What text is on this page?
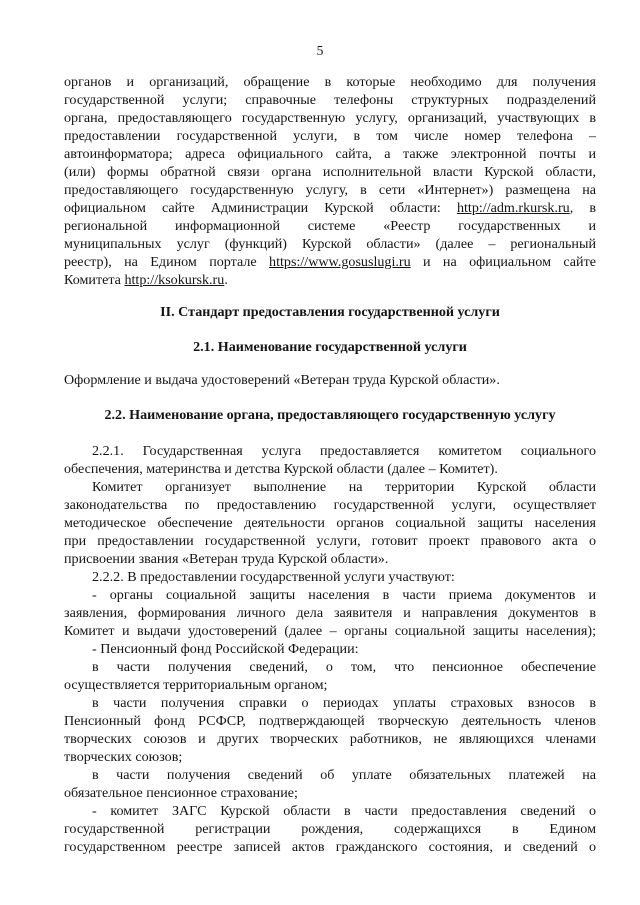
5
органов и организаций, обращение в которые необходимо для получения
государственной услуги; справочные телефоны структурных подразделений
органа, предоставляющего государственную услугу, организаций, участвующих в
предоставлении государственной услуги, в том числе номер телефона –
автоинформатора; адреса официального сайта, а также электронной почты и
(или) формы обратной связи органа исполнительной власти Курской области,
предоставляющего государственную услугу, в сети «Интернет») размещена на
официальном сайте Администрации Курской области: http://adm.rkursk.ru, в
региональной информационной системе «Реестр государственных и
муниципальных услуг (функций) Курской области» (далее – региональный
реестр), на Едином портале https://www.gosuslugi.ru и на официальном сайте
Комитета http://ksokursk.ru.
II. Стандарт предоставления государственной услуги
2.1. Наименование государственной услуги
Оформление и выдача удостоверений «Ветеран труда Курской области».
2.2. Наименование органа, предоставляющего государственную услугу
2.2.1. Государственная услуга предоставляется комитетом социального
обеспечения, материнства и детства Курской области (далее – Комитет).
Комитет организует выполнение на территории Курской области
законодательства по предоставлению государственной услуги, осуществляет
методическое обеспечение деятельности органов социальной защиты населения
при предоставлении государственной услуги, готовит проект правового акта о
присвоении звания «Ветеран труда Курской области».
2.2.2. В предоставлении государственной услуги участвуют:
- органы социальной защиты населения в части приема документов и
заявления, формирования личного дела заявителя и направления документов в
Комитет и выдачи удостоверений (далее – органы социальной защиты населения);
- Пенсионный фонд Российской Федерации:
в части получения сведений, о том, что пенсионное обеспечение
осуществляется территориальным органом;
в части получения справки о периодах уплаты страховых взносов в
Пенсионный фонд РСФСР, подтверждающей творческую деятельность членов
творческих союзов и других творческих работников, не являющихся членами
творческих союзов;
в части получения сведений об уплате обязательных платежей на
обязательное пенсионное страхование;
- комитет ЗАГС Курской области в части предоставления сведений о
государственной регистрации рождения, содержащихся в Едином
государственном реестре записей актов гражданского состояния, и сведений о
